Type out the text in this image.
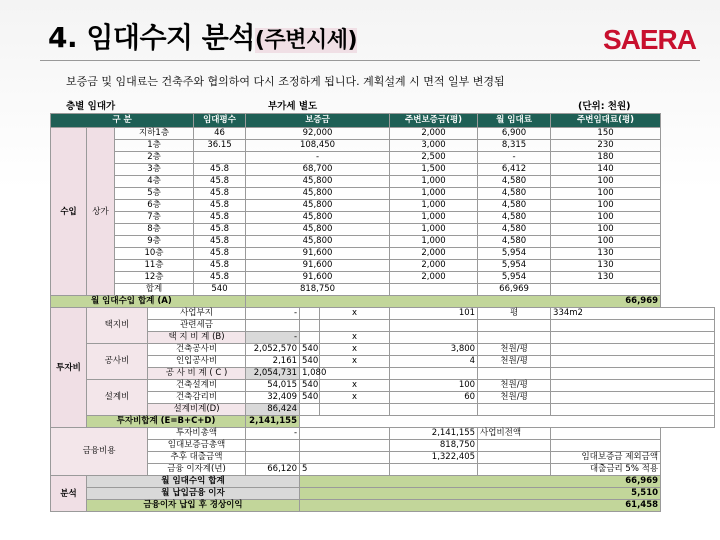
4. 임대수지 분석(주변시세)	SAERA
보증금 및 임대료는 건축주와 협의하여 다시 조정하게 됩니다. 계획설계 시 면적 일부 변경됨
층별 임대가	부가세 별도	(단위: 천원)
구 분				임대평수	보증금			주변보증금(평)	월 임대료	주변임대료(평)
수입	상가	지하1층		46	92,000			2,000	6,900	150
		1층		36.15	108,450			3,000	8,315	230
		2층			-			2,500	-	180
		3층		45.8	68,700			1,500	6,412	140
		4층		45.8	45,800			1,000	4,580	100
		5층		45.8	45,800			1,000	4,580	100
		6층		45.8	45,800			1,000	4,580	100
		7층		45.8	45,800			1,000	4,580	100
		8층		45.8	45,800			1,000	4,580	100
		9층		45.8	45,800			1,000	4,580	100
		10층		45.8	91,600			2,000	5,954	130
		11층		45.8	91,600			2,000	5,954	130
		12층		45.8	91,600			2,000	5,954	130
		합계		540	818,750				66,969	
월 임대수입 합계 (A)					66,969					
투자비	택지비		사업부지		-		x	101	평	334m2
			관련세금							
			택 지 비 계 (B)		-		x			
	공사비		건축공사비		2,052,570	540	x	3,800	천원/평	
			인입공사비		2,161	540	x	4	천원/평	
			공 사 비 계 ( C )		2,054,731	1,080				
	설계비		건축설계비		54,015	540	x	100	천원/평	
			건축감리비		32,409	540	x	60	천원/평	
			설계비계(D)		86,424					
	투자비합계 (E=B+C+D)				2,141,155					
금융비용			투자비총액		-			2,141,155	사업비전액	
			임대보증금총액					818,750		
			추후 대출금액					1,322,405		임대보증금 제외금액
			금융 이자계(년)		66,120	5				대출금리 5% 적용
분석	월 임대수익 합계					66,969				
	월 납입금융 이자					5,510				
	금융이자 납입 후 경상이익					61,458				
